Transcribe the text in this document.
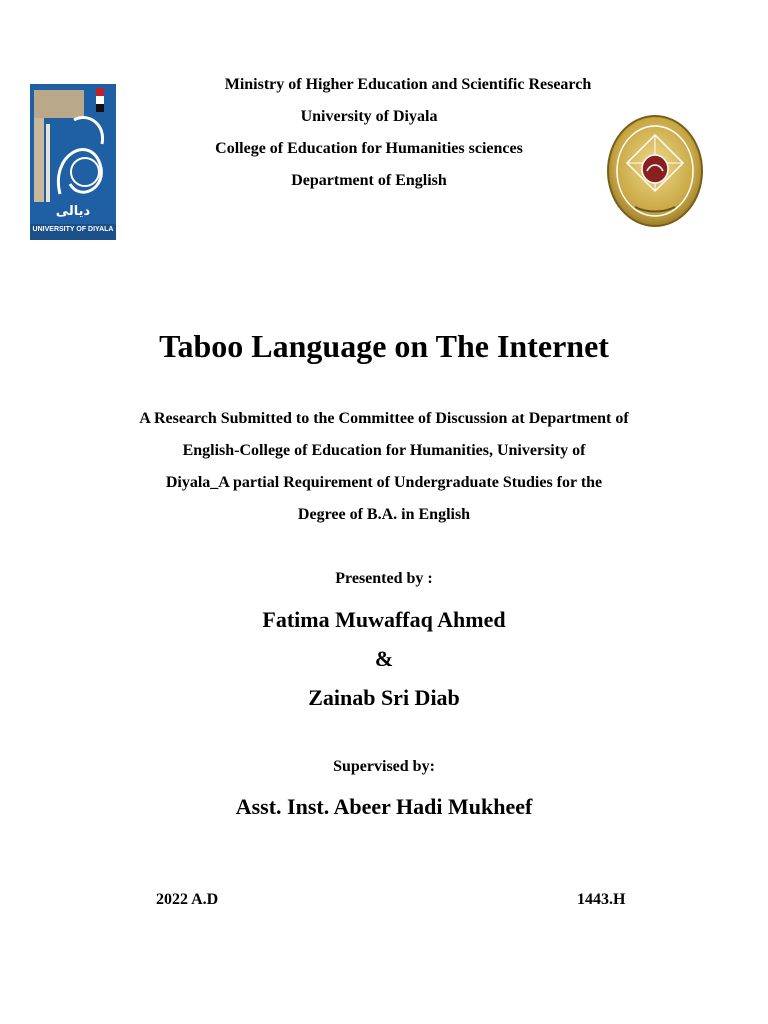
ديالى
UNIVERSITY OF DIYALA
Ministry of Higher Education and Scientific Research
University of Diyala
College of Education for Humanities sciences
Department of English
Taboo Language on The Internet
A Research Submitted to the Committee of Discussion at Department of
English-College of Education for Humanities, University of
Diyala_A partial Requirement of Undergraduate Studies for the
Degree of B.A. in English
Presented by :
Fatima Muwaffaq Ahmed
&
Zainab Sri Diab
Supervised by:
Asst. Inst. Abeer Hadi Mukheef
2022 A.D	1443.H
